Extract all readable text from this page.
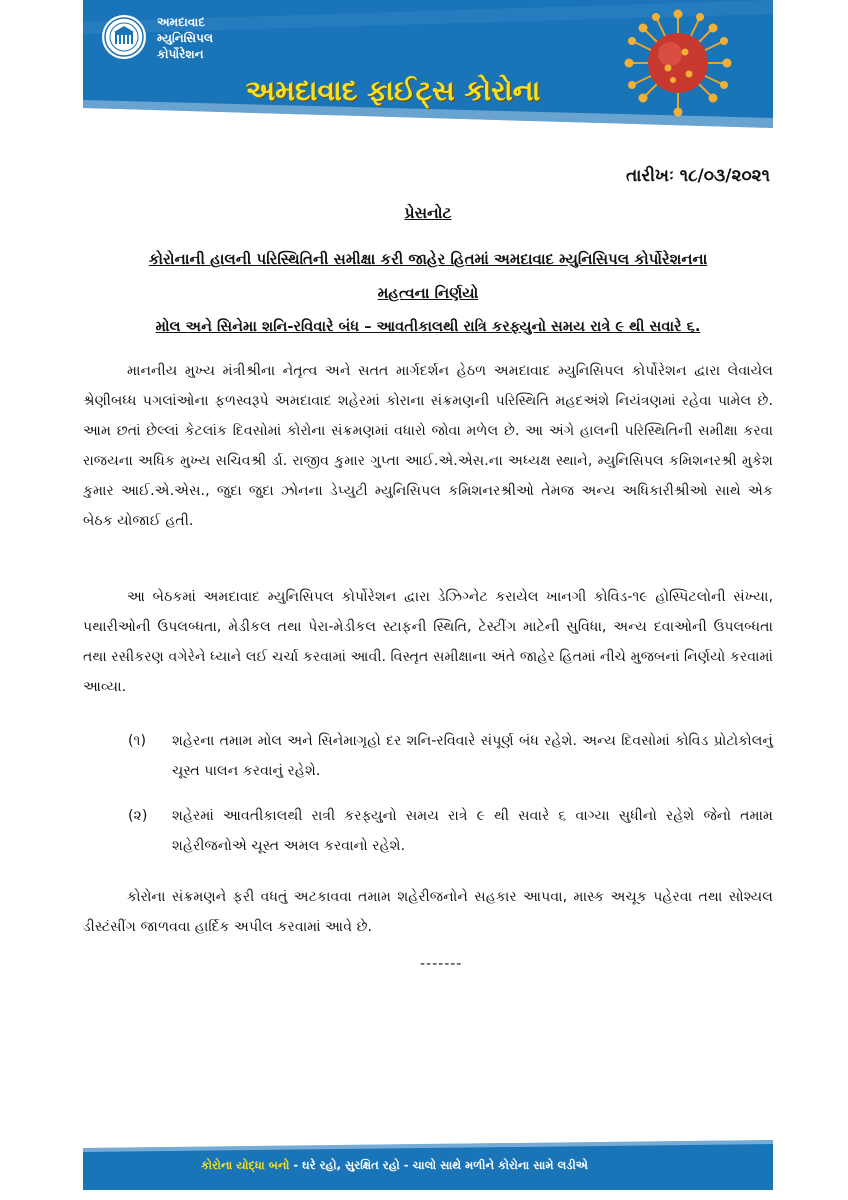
અમદાવાદ
મ્યુનિસિપલ
કોર્પોરેશન
અમદાવાદ ફાઈટ્સ કોરોના
તારીખઃ ૧૮/૦૩/૨૦૨૧
પ્રેસનોટ
કોરોનાની હાલની પરિસ્થિતિની સમીક્ષા કરી જાહેર હિતમાં અમદાવાદ મ્યુનિસિપલ કોર્પોરેશનના
મહત્વના નિર્ણયો
મોલ અને સિનેમા શનિ-રવિવારે બંધ – આવતીકાલથી રાત્રિ કરફ્યુનો સમય રાત્રે ૯ થી સવારે ૬.
માનનીય મુખ્ય મંત્રીશ્રીના નેતૃત્વ અને સતત માર્ગદર્શન હેઠળ અમદાવાદ મ્યુનિસિપલ કોર્પોરેશન દ્વારા લેવાયેલ શ્રેણીબધ્ધ પગલાંઓના ફળસ્વરૂપે અમદાવાદ શહેરમાં કોરાના સંક્રમણની પરિસ્થિતિ મહદઅંશે નિયંત્રણમાં રહેવા પામેલ છે. આમ છતાં છેલ્લાં કેટલાંક દિવસોમાં કોરોના સંક્રમણમાં વધારો જોવા મળેલ છે. આ અંગે હાલની પરિસ્થિતિની સમીક્ષા કરવા રાજયના અધિક મુખ્ય સચિવશ્રી ર્ડા. રાજીવ કુમાર ગુપ્તા આઈ.એ.એસ.ના અધ્યક્ષ સ્થાને, મ્યુનિસિપલ કમિશનરશ્રી મુકેશ કુમાર આઈ.એ.એસ., જુદા જુદા ઝોનના ડેપ્યુટી મ્યુનિસિપલ કમિશનરશ્રીઓ તેમજ અન્ય અધિકારીશ્રીઓ સાથે એક બેઠક યોજાઈ હતી.
આ બેઠકમાં અમદાવાદ મ્યુનિસિપલ કોર્પોરેશન દ્વારા ડેઝિગ્નેટ કરાયેલ ખાનગી કોવિડ-૧૯ હોસ્પિટલોની સંખ્યા, પથારીઓની ઉપલબ્ધતા, મેડીકલ તથા પેરા-મેડીકલ સ્ટાફની સ્થિતિ, ટેસ્ટીંગ માટેની સુવિધા, અન્ય દવાઓની ઉપલબ્ધતા તથા રસીકરણ વગેરેને ધ્યાને લઈ ચર્ચા કરવામાં આવી. વિસ્તૃત સમીક્ષાના અંતે જાહેર હિતમાં નીચે મુજબનાં નિર્ણયો કરવામાં આવ્યા.
(૧)	શહેરના તમામ મોલ અને સિનેમાગૃહો દર શનિ-રવિવારે સંપૂર્ણ બંધ રહેશે. અન્ય દિવસોમાં કોવિડ પ્રોટોકોલનું ચૂસ્ત પાલન કરવાનું રહેશે.
(૨)	શહેરમાં આવતીકાલથી રાત્રી કરફ્યુનો સમય રાત્રે ૯ થી સવારે ૬ વાગ્યા સુધીનો રહેશે જેનો તમામ શહેરીજનોએ ચૂસ્ત અમલ કરવાનો રહેશે.
કોરોના સંક્રમણને ફરી વધતું અટકાવવા તમામ શહેરીજનોને સહકાર આપવા, માસ્ક અચૂક પહેરવા તથા સોશ્યલ ડીસ્ટંસીંગ જાળવવા હાર્દિક અપીલ કરવામાં આવે છે.
-------
કોરોના યોદ્ધા બનો - ઘરે રહો, સુરક્ષિત રહો - ચાલો સાથે મળીને કોરોના સામે લડીએ
